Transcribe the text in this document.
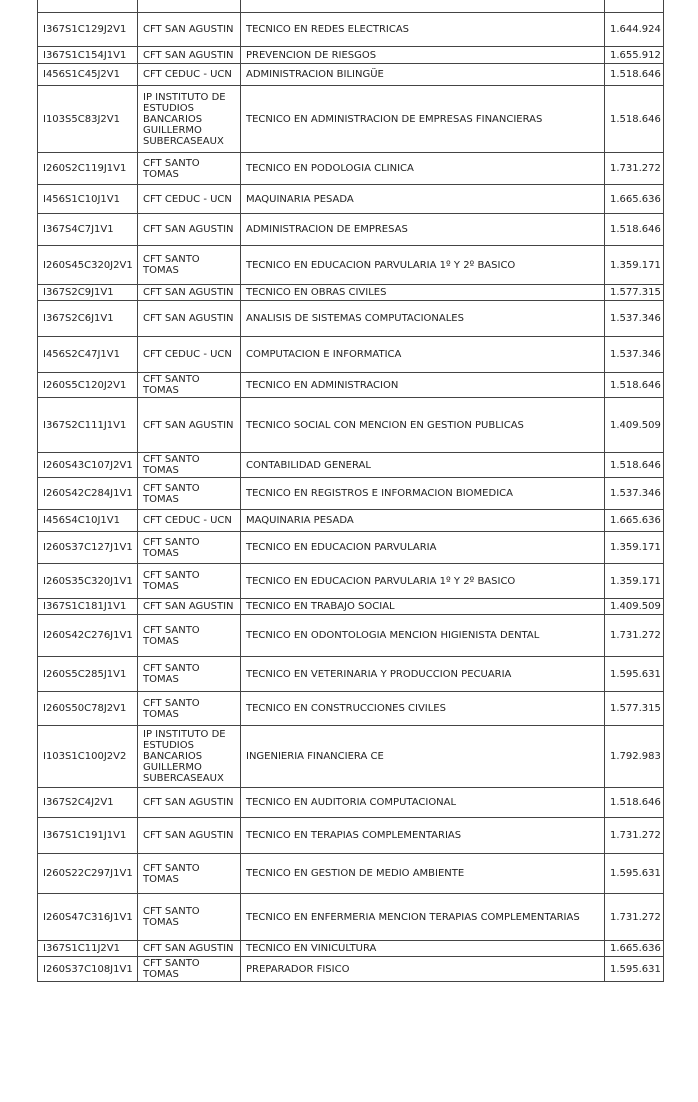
I367S1C129J2V1	CFT SAN AGUSTIN	TECNICO EN REDES ELECTRICAS	1.644.924
I367S1C154J1V1	CFT SAN AGUSTIN	PREVENCION DE RIESGOS	1.655.912
I456S1C45J2V1	CFT CEDUC - UCN	ADMINISTRACION BILINGÜE	1.518.646
I103S5C83J2V1	IP INSTITUTO DE ESTUDIOS BANCARIOS GUILLERMO SUBERCASEAUX	TECNICO EN ADMINISTRACION DE EMPRESAS FINANCIERAS	1.518.646
I260S2C119J1V1	CFT SANTO TOMAS	TECNICO EN PODOLOGIA CLINICA	1.731.272
I456S1C10J1V1	CFT CEDUC - UCN	MAQUINARIA PESADA	1.665.636
I367S4C7J1V1	CFT SAN AGUSTIN	ADMINISTRACION DE EMPRESAS	1.518.646
I260S45C320J2V1	CFT SANTO TOMAS	TECNICO EN EDUCACION PARVULARIA 1º Y 2º BASICO	1.359.171
I367S2C9J1V1	CFT SAN AGUSTIN	TECNICO EN OBRAS CIVILES	1.577.315
I367S2C6J1V1	CFT SAN AGUSTIN	ANALISIS DE SISTEMAS COMPUTACIONALES	1.537.346
I456S2C47J1V1	CFT CEDUC - UCN	COMPUTACION E INFORMATICA	1.537.346
I260S5C120J2V1	CFT SANTO TOMAS	TECNICO EN ADMINISTRACION	1.518.646
I367S2C111J1V1	CFT SAN AGUSTIN	TECNICO SOCIAL CON MENCION EN GESTION PUBLICAS	1.409.509
I260S43C107J2V1	CFT SANTO TOMAS	CONTABILIDAD GENERAL	1.518.646
I260S42C284J1V1	CFT SANTO TOMAS	TECNICO EN REGISTROS E INFORMACION BIOMEDICA	1.537.346
I456S4C10J1V1	CFT CEDUC - UCN	MAQUINARIA PESADA	1.665.636
I260S37C127J1V1	CFT SANTO TOMAS	TECNICO EN EDUCACION PARVULARIA	1.359.171
I260S35C320J1V1	CFT SANTO TOMAS	TECNICO EN EDUCACION PARVULARIA 1º Y 2º BASICO	1.359.171
I367S1C181J1V1	CFT SAN AGUSTIN	TECNICO EN TRABAJO SOCIAL	1.409.509
I260S42C276J1V1	CFT SANTO TOMAS	TECNICO EN ODONTOLOGIA MENCION HIGIENISTA DENTAL	1.731.272
I260S5C285J1V1	CFT SANTO TOMAS	TECNICO EN VETERINARIA Y PRODUCCION PECUARIA	1.595.631
I260S50C78J2V1	CFT SANTO TOMAS	TECNICO EN CONSTRUCCIONES CIVILES	1.577.315
I103S1C100J2V2	IP INSTITUTO DE ESTUDIOS BANCARIOS GUILLERMO SUBERCASEAUX	INGENIERIA FINANCIERA CE	1.792.983
I367S2C4J2V1	CFT SAN AGUSTIN	TECNICO EN AUDITORIA COMPUTACIONAL	1.518.646
I367S1C191J1V1	CFT SAN AGUSTIN	TECNICO EN TERAPIAS COMPLEMENTARIAS	1.731.272
I260S22C297J1V1	CFT SANTO TOMAS	TECNICO EN GESTION DE MEDIO AMBIENTE	1.595.631
I260S47C316J1V1	CFT SANTO TOMAS	TECNICO EN ENFERMERIA MENCION TERAPIAS COMPLEMENTARIAS	1.731.272
I367S1C11J2V1	CFT SAN AGUSTIN	TECNICO EN VINICULTURA	1.665.636
I260S37C108J1V1	CFT SANTO TOMAS	PREPARADOR FISICO	1.595.631
